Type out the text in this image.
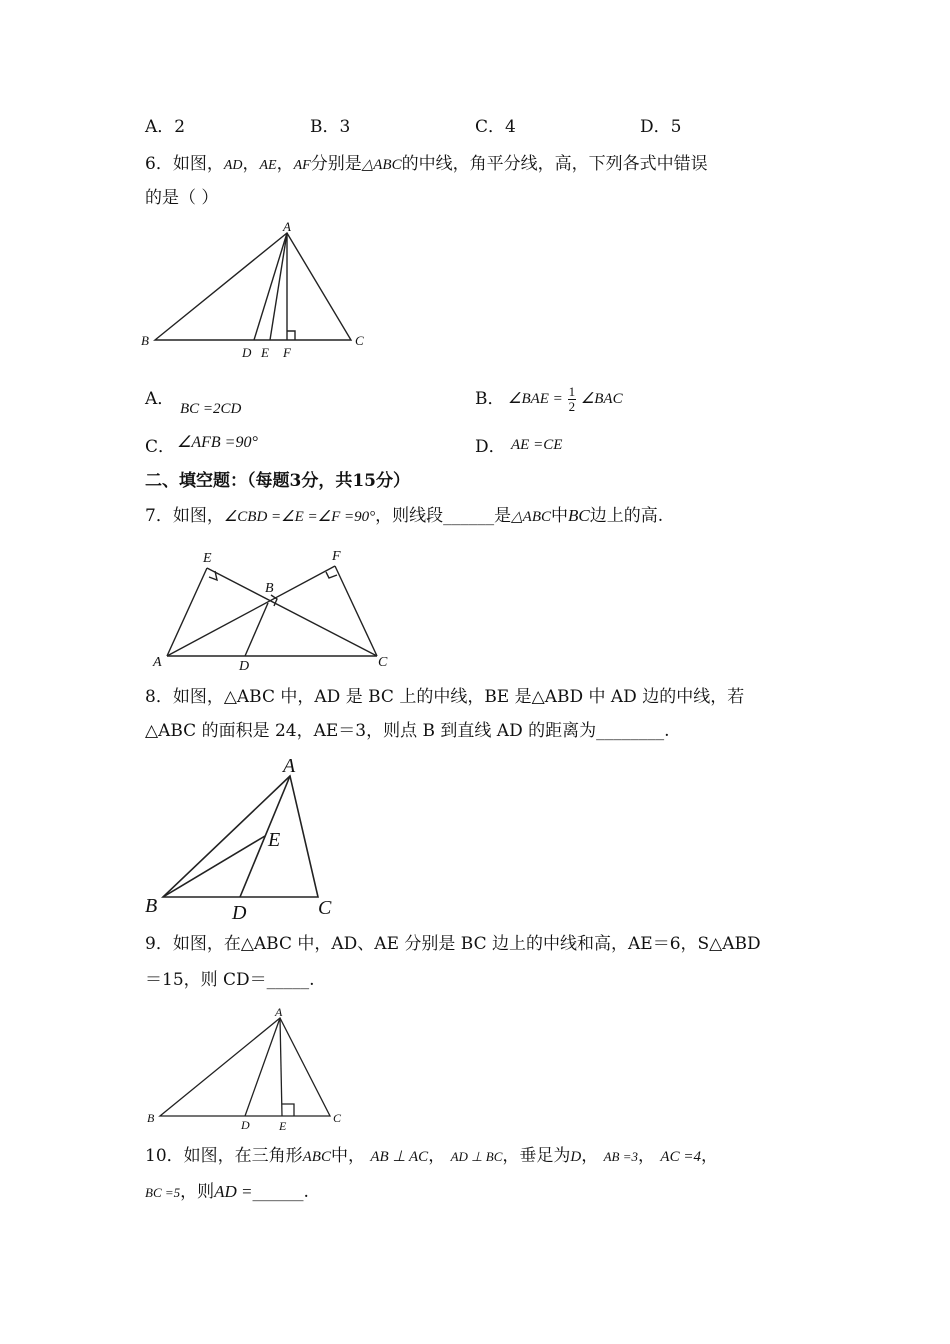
A．2	B．3	C．4	D．5
6．如图，AD，AE，AF分别是△ABC的中线，角平分线，高，下列各式中错误
的是（ ）
A
B	C
D E F
A． BC =2CD	B． ∠BAE = $\frac{1}{2}$ ∠BAC
C． ∠AFB =90°	D． AE =CE
二、填空题：（每题3分，共15分）
7．如图，∠CBD =∠E =∠F =90°，则线段______是△ABC中BC边上的高.
E	F
B
A	D	C
8．如图，△ABC 中，AD 是 BC 上的中线，BE 是△ABD 中 AD 边的中线，若
△ABC 的面积是 24，AE＝3，则点 B 到直线 AD 的距离为________.
A
E
B	D	C
9．如图，在△ABC 中，AD、AE 分别是 BC 边上的中线和高，AE＝6，S△ABD
＝15，则 CD＝_____.
A
B	D E
C
10．如图，在三角形ABC中， AB ⊥ AC， AD ⊥ BC，垂足为D， AB =3， AC =4，
BC =5，则AD =______.
